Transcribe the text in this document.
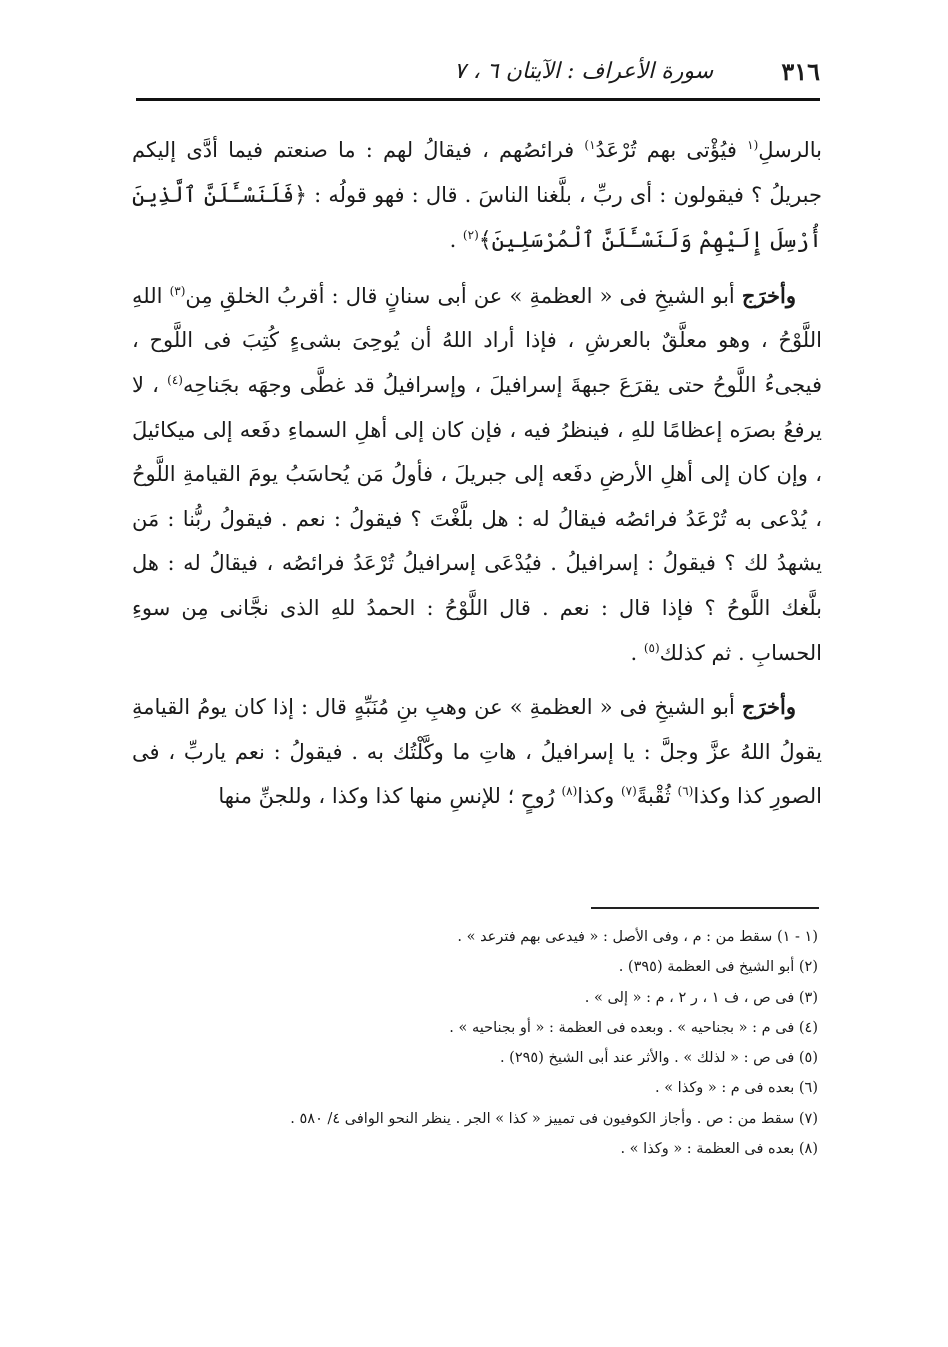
٣١٦
سورة الأعراف : الآيتان ٦ ، ٧

بالرسلِ$^{(١}$ فيُؤْتى بهم تُرْعَدُ$^{١)}$ فرائصُهم ، فيقالُ لهم : ما صنعتم فيما أدَّى إليكم جبريلُ ؟ فيقولون : أى ربِّ ، بلَّغنا الناسَ . قال : فهو قولُه : ﴿فَلَنَسْـَٔلَنَّ ٱلَّذِينَ أُرْسِلَ إِلَيْهِمْ وَلَنَسْـَٔلَنَّ ٱلْمُرْسَلِينَ﴾$^{(٢)}$ .

وأخرَج أبو الشيخِ فى « العظمةِ » عن أبى سنانٍ قال : أقربُ الخلقِ مِن$^{(٣)}$ اللهِ اللَّوْحُ ، وهو معلَّقٌ بالعرشِ ، فإذا أراد اللهُ أن يُوحِىَ بشىءٍ كُتِبَ فى اللَّوح ، فيجىءُ اللَّوحُ حتى يقرَعَ جبهةَ إسرافيلَ ، وإسرافيلُ قد غطَّى وجهَه بجَناحِه$^{(٤)}$ ، لا يرفعُ بصرَه إعظامًا للهِ ، فينظرُ فيه ، فإن كان إلى أهلِ السماءِ دفَعه إلى ميكائيلَ ، وإن كان إلى أهلِ الأرضِ دفَعه إلى جبريلَ ، فأولُ مَن يُحاسَبُ يومَ القيامةِ اللَّوحُ ، يُدْعى به تُرْعَدُ فرائصُه فيقالُ له : هل بلَّغْتَ ؟ فيقولُ : نعم . فيقولُ ربُّنا : مَن يشهدُ لك ؟ فيقولُ : إسرافيلُ . فيُدْعَى إسرافيلُ تُرْعَدُ فرائصُه ، فيقالُ له : هل بلَّغك اللَّوحُ ؟ فإذا قال : نعم . قال اللَّوْحُ : الحمدُ للهِ الذى نجَّانى مِن سوءِ الحسابِ . ثم كذلك$^{(٥)}$ .

وأخرَج أبو الشيخِ فى « العظمةِ » عن وهبِ بنِ مُنَبِّهٍ قال : إذا كان يومُ القيامةِ يقولُ اللهُ عزَّ وجلَّ : يا إسرافيلُ ، هاتِ ما وكَّلْتُك به . فيقولُ : نعم ياربِّ ، فى الصورِ كذا وكذا$^{(٦)}$ ثُقْبةً$^{(٧)}$ وكذا$^{(٨)}$ رُوحٍ ؛ للإنسِ منها كذا وكذا ، وللجنِّ منها

(١ - ١) سقط من : م ، وفى الأصل : « فيدعى بهم فترعد » .
(٢) أبو الشيخ فى العظمة (٣٩٥) .
(٣) فى ص ، ف ١ ، ر ٢ ، م : « إلى » .
(٤) فى م : « بجناحيه » . وبعده فى العظمة : « أو بجناحيه » .
(٥) فى ص : « لذلك » . والأثر عند أبى الشيخ (٢٩٥) .
(٦) بعده فى م : « وكذا » .
(٧) سقط من : ص . وأجاز الكوفيون فى تمييز « كذا » الجر . ينظر النحو الوافى ٤/ ٥٨٠ .
(٨) بعده فى العظمة : « وكذا » .
